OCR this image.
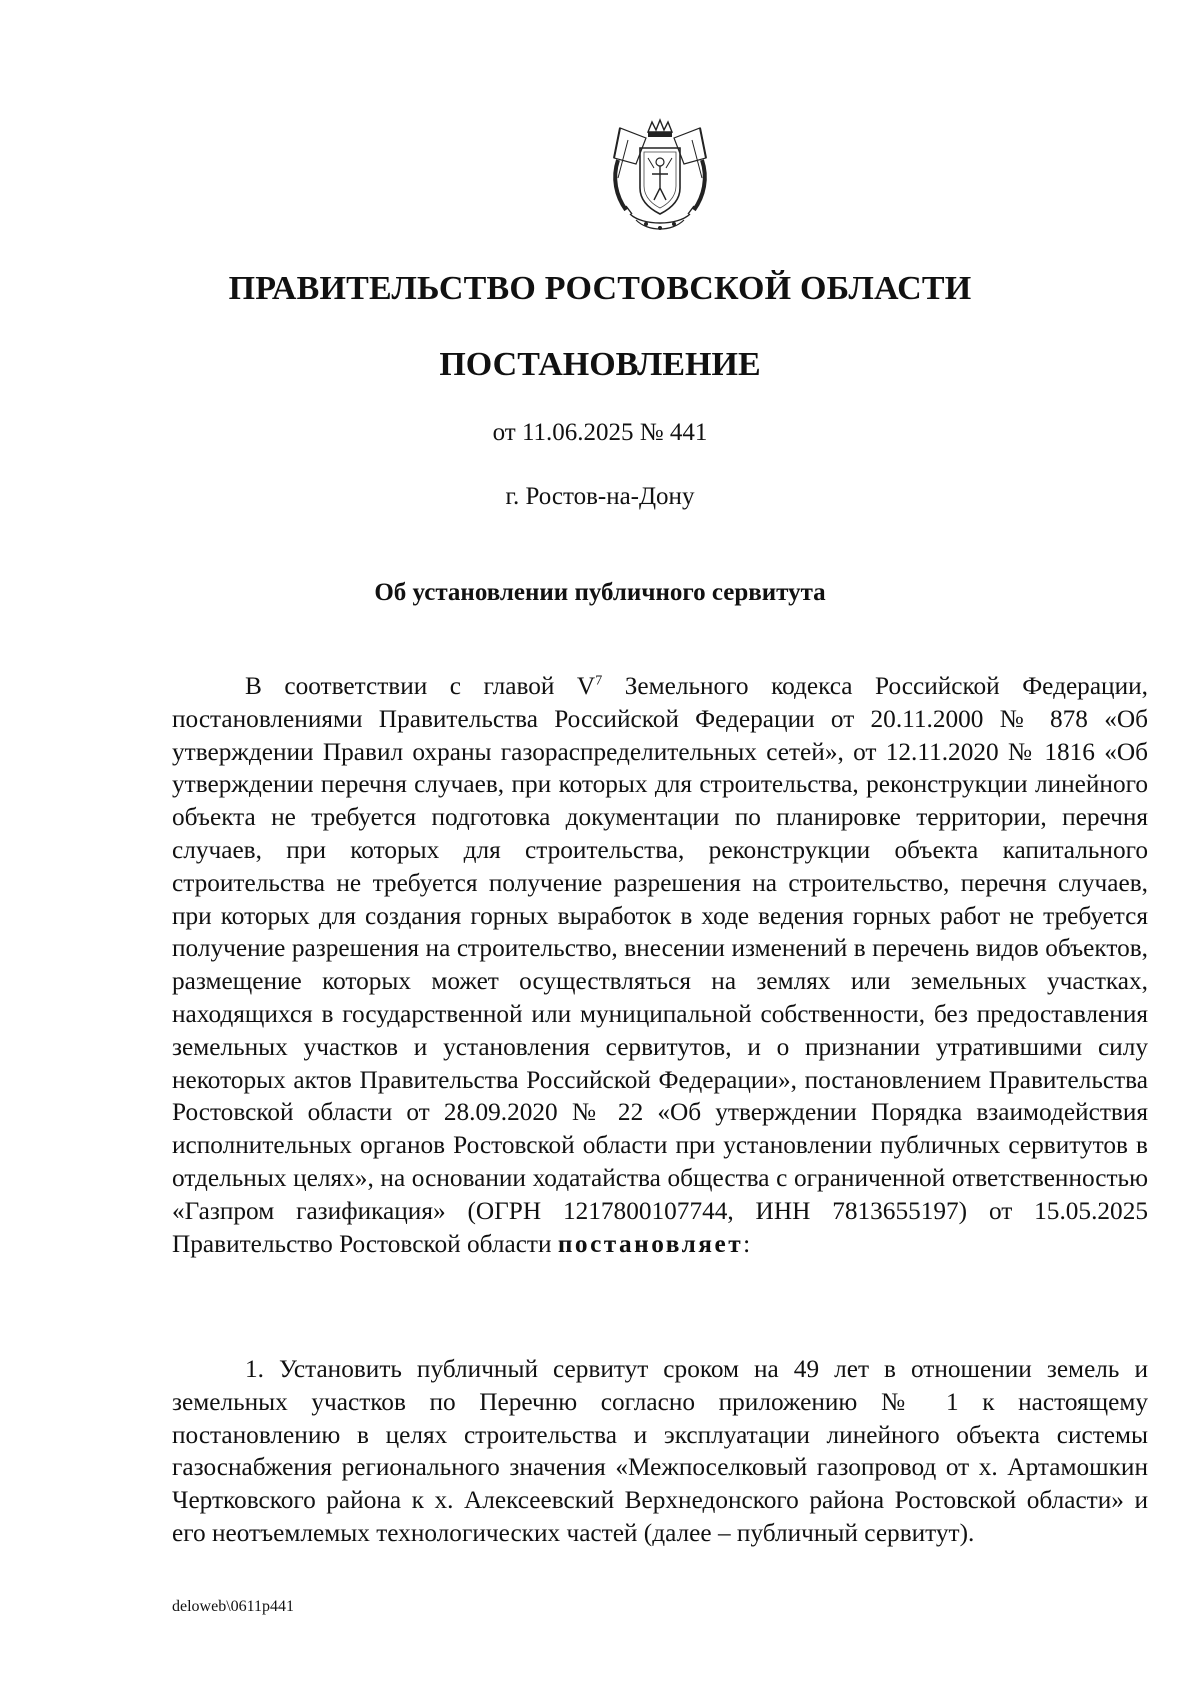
ПРАВИТЕЛЬСТВО РОСТОВСКОЙ ОБЛАСТИ
ПОСТАНОВЛЕНИЕ
от 11.06.2025 № 441
г. Ростов-на-Дону
Об установлении публичного сервитута
В соответствии с главой $V^7$ Земельного кодекса Российской Федерации, постановлениями Правительства Российской Федерации от 20.11.2000 № 878 «Об утверждении Правил охраны газораспределительных сетей», от 12.11.2020 № 1816 «Об утверждении перечня случаев, при которых для строительства, реконструкции линейного объекта не требуется подготовка документации по планировке территории, перечня случаев, при которых для строительства, реконструкции объекта капитального строительства не требуется получение разрешения на строительство, перечня случаев, при которых для создания горных выработок в ходе ведения горных работ не требуется получение разрешения на строительство, внесении изменений в перечень видов объектов, размещение которых может осуществляться на землях или земельных участках, находящихся в государственной или муниципальной собственности, без предоставления земельных участков и установления сервитутов, и о признании утратившими силу некоторых актов Правительства Российской Федерации», постановлением Правительства Ростовской области от 28.09.2020 № 22 «Об утверждении Порядка взаимодействия исполнительных органов Ростовской области при установлении публичных сервитутов в отдельных целях», на основании ходатайства общества с ограниченной ответственностью «Газпром газификация» (ОГРН 1217800107744, ИНН 7813655197) от 15.05.2025 Правительство Ростовской области постановляет:
1. Установить публичный сервитут сроком на 49 лет в отношении земель и земельных участков по Перечню согласно приложению № 1 к настоящему постановлению в целях строительства и эксплуатации линейного объекта системы газоснабжения регионального значения «Межпоселковый газопровод от х. Артамошкин Чертковского района к х. Алексеевский Верхнедонского района Ростовской области» и его неотъемлемых технологических частей (далее – публичный сервитут).
deloweb\0611p441
